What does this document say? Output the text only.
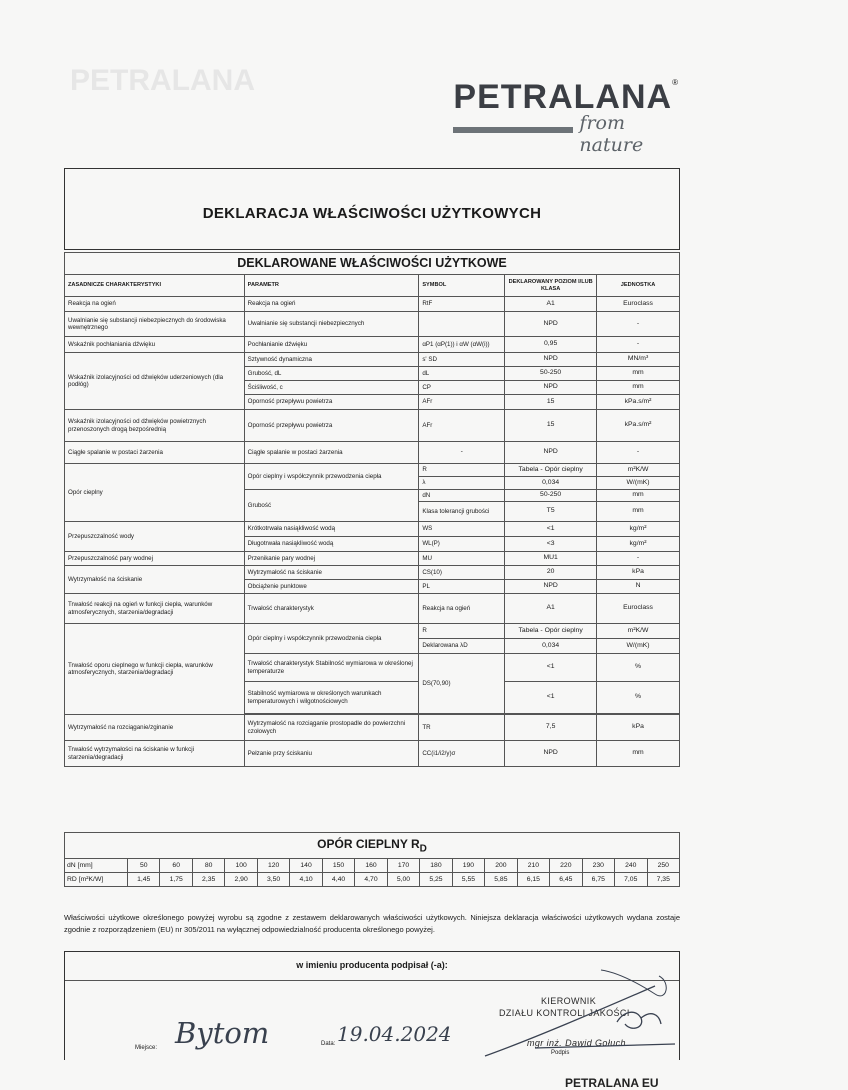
PETRALANA	PETRALANA®
from nature
DEKLARACJA WŁAŚCIWOŚCI UŻYTKOWYCH
DEKLAROWANE WŁAŚCIWOŚCI UŻYTKOWE				
ZASADNICZE CHARAKTERYSTYKI	PARAMETR	SYMBOL	DEKLAROWANY POZIOM I/LUB KLASA	JEDNOSTKA
Reakcja na ogień	Reakcja na ogień	RtF	A1	Euroclass
Uwalnianie się substancji niebezpiecznych do środowiska wewnętrznego	Uwalnianie się substancji niebezpiecznych		NPD	-
Wskaźnik pochłaniania dźwięku	Pochłanianie dźwięku	αP1 (αP(1)) i αW (αW(i))	0,95	-
Wskaźnik izolacyjności od dźwięków uderzeniowych (dla podłóg)	Sztywność dynamiczna	s' SD	NPD	MN/m³
	Grubość, dL	dL	50-250	mm
	Ściśliwość, c	CP	NPD	mm
	Oporność przepływu powietrza	AFr	15	kPa.s/m²
Wskaźnik izolacyjności od dźwięków powietrznych przenoszonych drogą bezpośrednią	Oporność przepływu powietrza	AFr	15	kPa.s/m²
Ciągłe spalanie w postaci żarzenia	Ciągłe spalanie w postaci żarzenia	-	NPD	-
Opór cieplny	Opór cieplny i współczynnik przewodzenia ciepła	R	Tabela - Opór cieplny	m²K/W
		λ	0,034	W/(mK)
	Grubość	dN	50-250	mm
		Klasa tolerancji grubości	T5	mm
Przepuszczalność wody	Krótkotrwała nasiąkliwość wodą	WS	<1	kg/m²
	Długotrwała nasiąkliwość wodą	WL(P)	<3	kg/m²
Przepuszczalność pary wodnej	Przenikanie pary wodnej	MU	MU1	-
Wytrzymałość na ściskanie	Wytrzymałość na ściskanie	CS(10)	20	kPa
	Obciążenie punktowe	PL	NPD	N
Trwałość reakcji na ogień w funkcji ciepła, warunków atmosferycznych, starzenia/degradacji	Trwałość charakterystyk	Reakcja na ogień	A1	Euroclass
Trwałość oporu cieplnego w funkcji ciepła, warunków atmosferycznych, starzenia/degradacji	Opór cieplny i współczynnik przewodzenia ciepła	R	Tabela - Opór cieplny	m²K/W
		Deklarowana λD	0,034	W/(mK)
	Trwałość charakterystyk Stabilność wymiarowa w określonej temperaturze	DS(70,90)	<1	%
	Stabilność wymiarowa w określonych warunkach temperaturowych i wilgotnościowych		<1	%

Wytrzymałość na rozciąganie/zginanie	Wytrzymałość na rozciąganie prostopadle do powierzchni czołowych	TR	7,5	kPa
Trwałość wytrzymałości na ściskanie w funkcji starzenia/degradacji	Pełzanie przy ściskaniu	CC(i1/i2/y)σ	NPD	mm
OPÓR CIEPLNY $R_D$
dN [mm]	50	60	80	100	120	140	150	160	170	180	190	200	210	220	230	240	250
RD [m²K/W]	1,45	1,75	2,35	2,90	3,50	4,10	4,40	4,70	5,00	5,25	5,55	5,85	6,15	6,45	6,75	7,05	7,35
Właściwości użytkowe określonego powyżej wyrobu są zgodne z zestawem deklarowanych właściwości użytkowych. Niniejsza deklaracja właściwości użytkowych wydana zostaje zgodnie z rozporządzeniem (EU) nr 305/2011 na wyłącznej odpowiedzialność producenta określonego powyżej.
w imieniu producenta podpisał (-a):
Miejsce: Bytom	Data: 19.04.2024
KIEROWNIK
DZIAŁU KONTROLI JAKOŚCI
mgr inż. Dawid Gołuch
Podpis
PETRALANA EU
